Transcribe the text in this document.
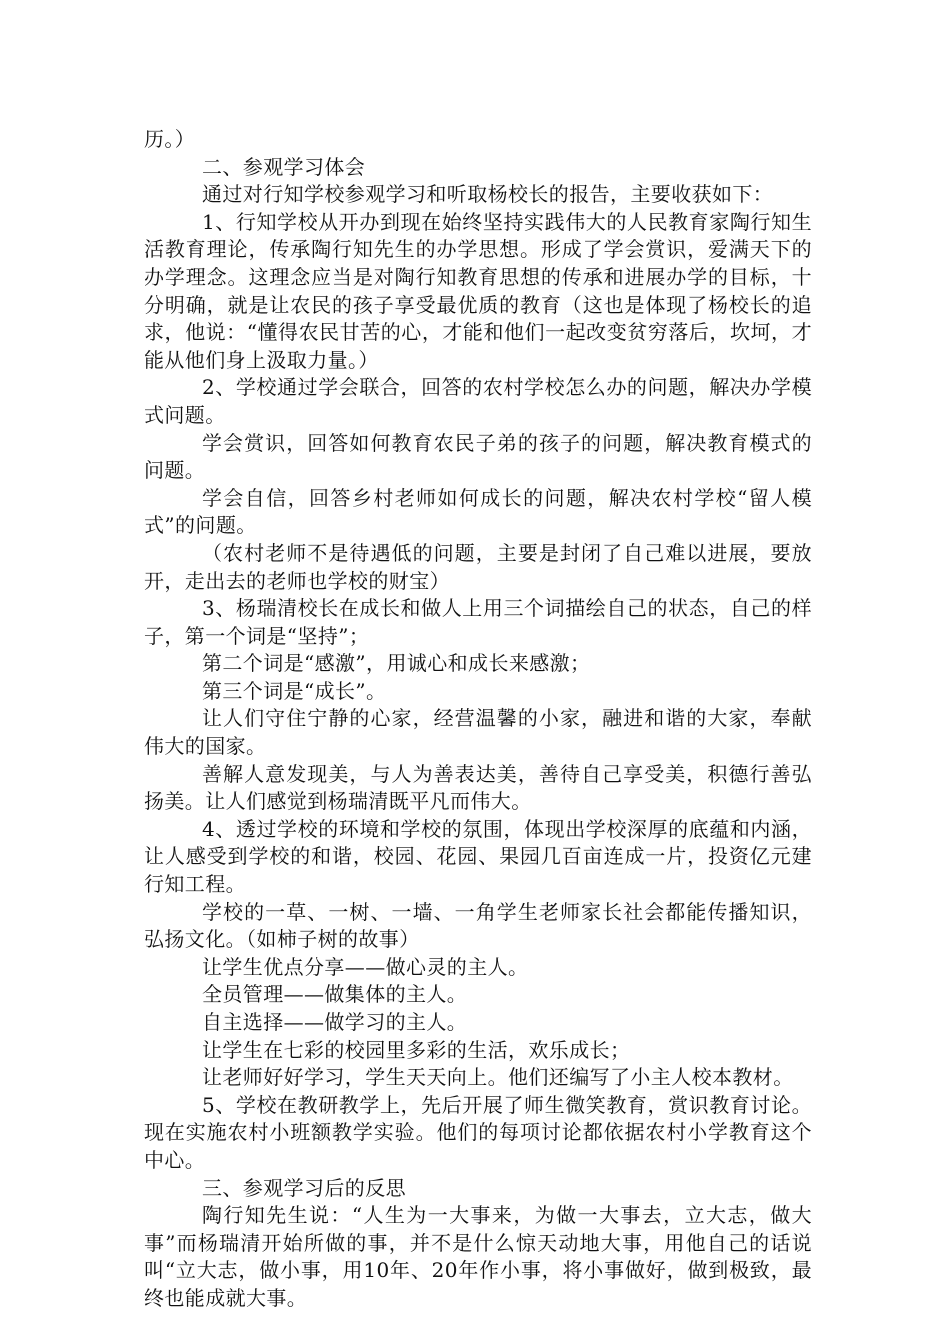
历。）

二、参观学习体会

通过对行知学校参观学习和听取杨校长的报告，主要收获如下：

1、行知学校从开办到现在始终坚持实践伟大的人民教育家陶行知生活教育理论，传承陶行知先生的办学思想。形成了学会赏识，爱满天下的办学理念。这理念应当是对陶行知教育思想的传承和进展办学的目标，十分明确，就是让农民的孩子享受最优质的教育（这也是体现了杨校长的追求，他说：“懂得农民甘苦的心，才能和他们一起改变贫穷落后，坎坷，才能从他们身上汲取力量。）

2、学校通过学会联合，回答的农村学校怎么办的问题，解决办学模式问题。

学会赏识，回答如何教育农民子弟的孩子的问题，解决教育模式的问题。

学会自信，回答乡村老师如何成长的问题，解决农村学校“留人模式”的问题。

（农村老师不是待遇低的问题，主要是封闭了自己难以进展，要放开，走出去的老师也学校的财宝）

3、杨瑞清校长在成长和做人上用三个词描绘自己的状态，自己的样子，第一个词是“坚持”；

第二个词是“感激”，用诚心和成长来感激；

第三个词是“成长”。

让人们守住宁静的心家，经营温馨的小家，融进和谐的大家，奉献伟大的国家。

善解人意发现美，与人为善表达美，善待自己享受美，积德行善弘扬美。让人们感觉到杨瑞清既平凡而伟大。

4、透过学校的环境和学校的氛围，体现出学校深厚的底蕴和内涵，让人感受到学校的和谐，校园、花园、果园几百亩连成一片，投资亿元建行知工程。

学校的一草、一树、一墙、一角学生老师家长社会都能传播知识，弘扬文化。（如柿子树的故事）

让学生优点分享——做心灵的主人。

全员管理——做集体的主人。

自主选择——做学习的主人。

让学生在七彩的校园里多彩的生活，欢乐成长；

让老师好好学习，学生天天向上。他们还编写了小主人校本教材。

5、学校在教研教学上，先后开展了师生微笑教育，赏识教育讨论。现在实施农村小班额教学实验。他们的每项讨论都依据农村小学教育这个中心。

三、参观学习后的反思

陶行知先生说：“人生为一大事来，为做一大事去，立大志，做大事”而杨瑞清开始所做的事，并不是什么惊天动地大事，用他自己的话说叫“立大志，做小事，用10年、20年作小事，将小事做好，做到极致，最终也能成就大事。
